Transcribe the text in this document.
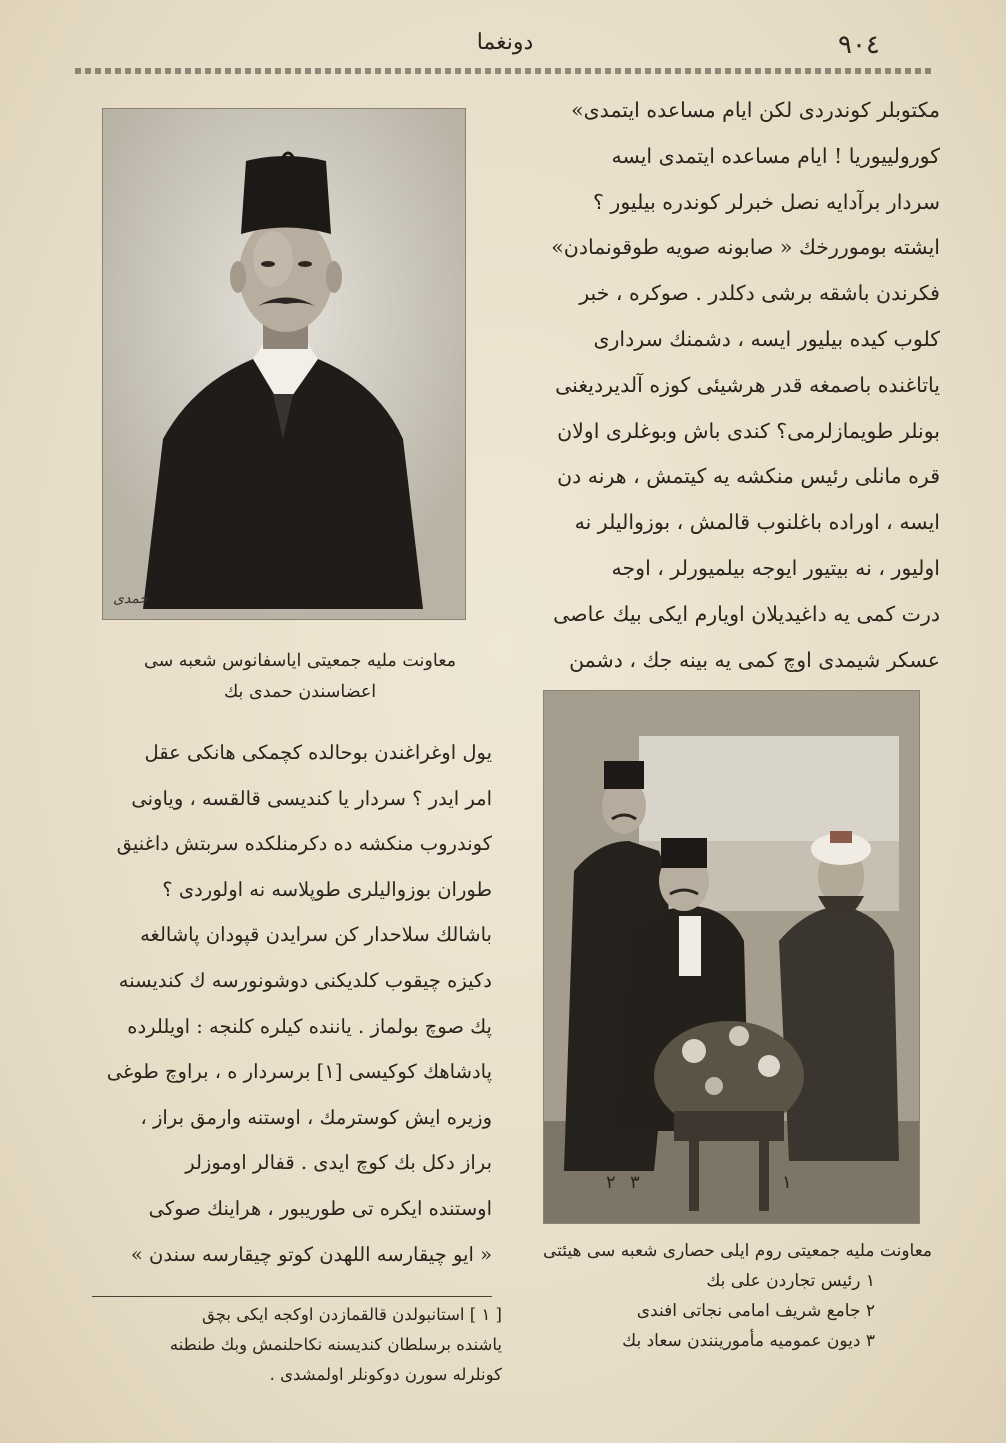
٩٠٤
دونغما
مکتوبلر کوندردی لکن ایام مساعده ایتمدی»
کورولییوریا ! ایام مساعده ایتمدی ایسه
سردار برآدایه نصل خبرلر کوندره بیلیور ؟
ایشته بوموررخك « صابونه صویه طوقونمادن»
فکرندن باشقه برشی دکلدر . صوکره ، خبر
کلوب کیده بیلیور ایسه ، دشمنك سرداری
یاتاغنده باصمغه قدر هرشیئی کوزه آلدیردیغنی
بونلر طویمازلرمی؟ کندی باش وبوغلری اولان
قره مانلی رئیس منکشه یه کیتمش ، هرنه دن
ایسه ، اوراده باغلنوب قالمش ، بوزوالیلر نه
اولیور ، نه بیتیور ایوجه بیلمیورلر ، اوجه
درت کمی یه داغیدیلان اویارم ایکی بیك عاصی
عسکر شیمدی اوچ کمی یه بینه جك ، دشمن
حمدی
معاونت ملیه جمعیتی ایاسفانوس شعبه سی
اعضاسندن حمدی بك
یول اوغراغندن بوحالده کچمکی هانکی عقل
امر ایدر ؟ سردار یا کندیسی قالقسه ، ویاونی
کوندروب منکشه ده دکرمنلکده سربتش داغنیق
طوران بوزوالیلری طوپلاسه نه اولوردی ؟
باشالك سلاحدار کن سرایدن قپودان پاشالغه
دکیزه چیقوب کلدیکنی دوشونورسه ك کندیسنه
پك صوچ بولماز . یاننده کیلره کلنجه : اویللرده
پادشاهك کوکیسی [١] برسردار ه ، براوچ طوغی
وزیره ایش کوسترمك ، اوستنه وارمق براز ،
براز دکل بك کوچ ایدی . قفالر اوموزلر
اوستنده ایکره تی طوریبور ، هراینك صوکی
« ایو چیقارسه اللهدن کوتو چیقارسه سندن »
[ ١ ] استانبولدن قالقمازدن اوکجه ایکی بچق
یاشنده برسلطان کندیسنه نکاحلنمش وبك طنطنه
کونلرله سورن دوکونلر اولمشدی .
٢ ٣	١
معاونت ملیه جمعیتی روم ایلی حصاری شعبه سی هیئتی
١ رئیس تجاردن علی بك
٢ جامع شریف امامی نجاتی افندی
٣ دیون عمومیه مأمورینندن سعاد بك
